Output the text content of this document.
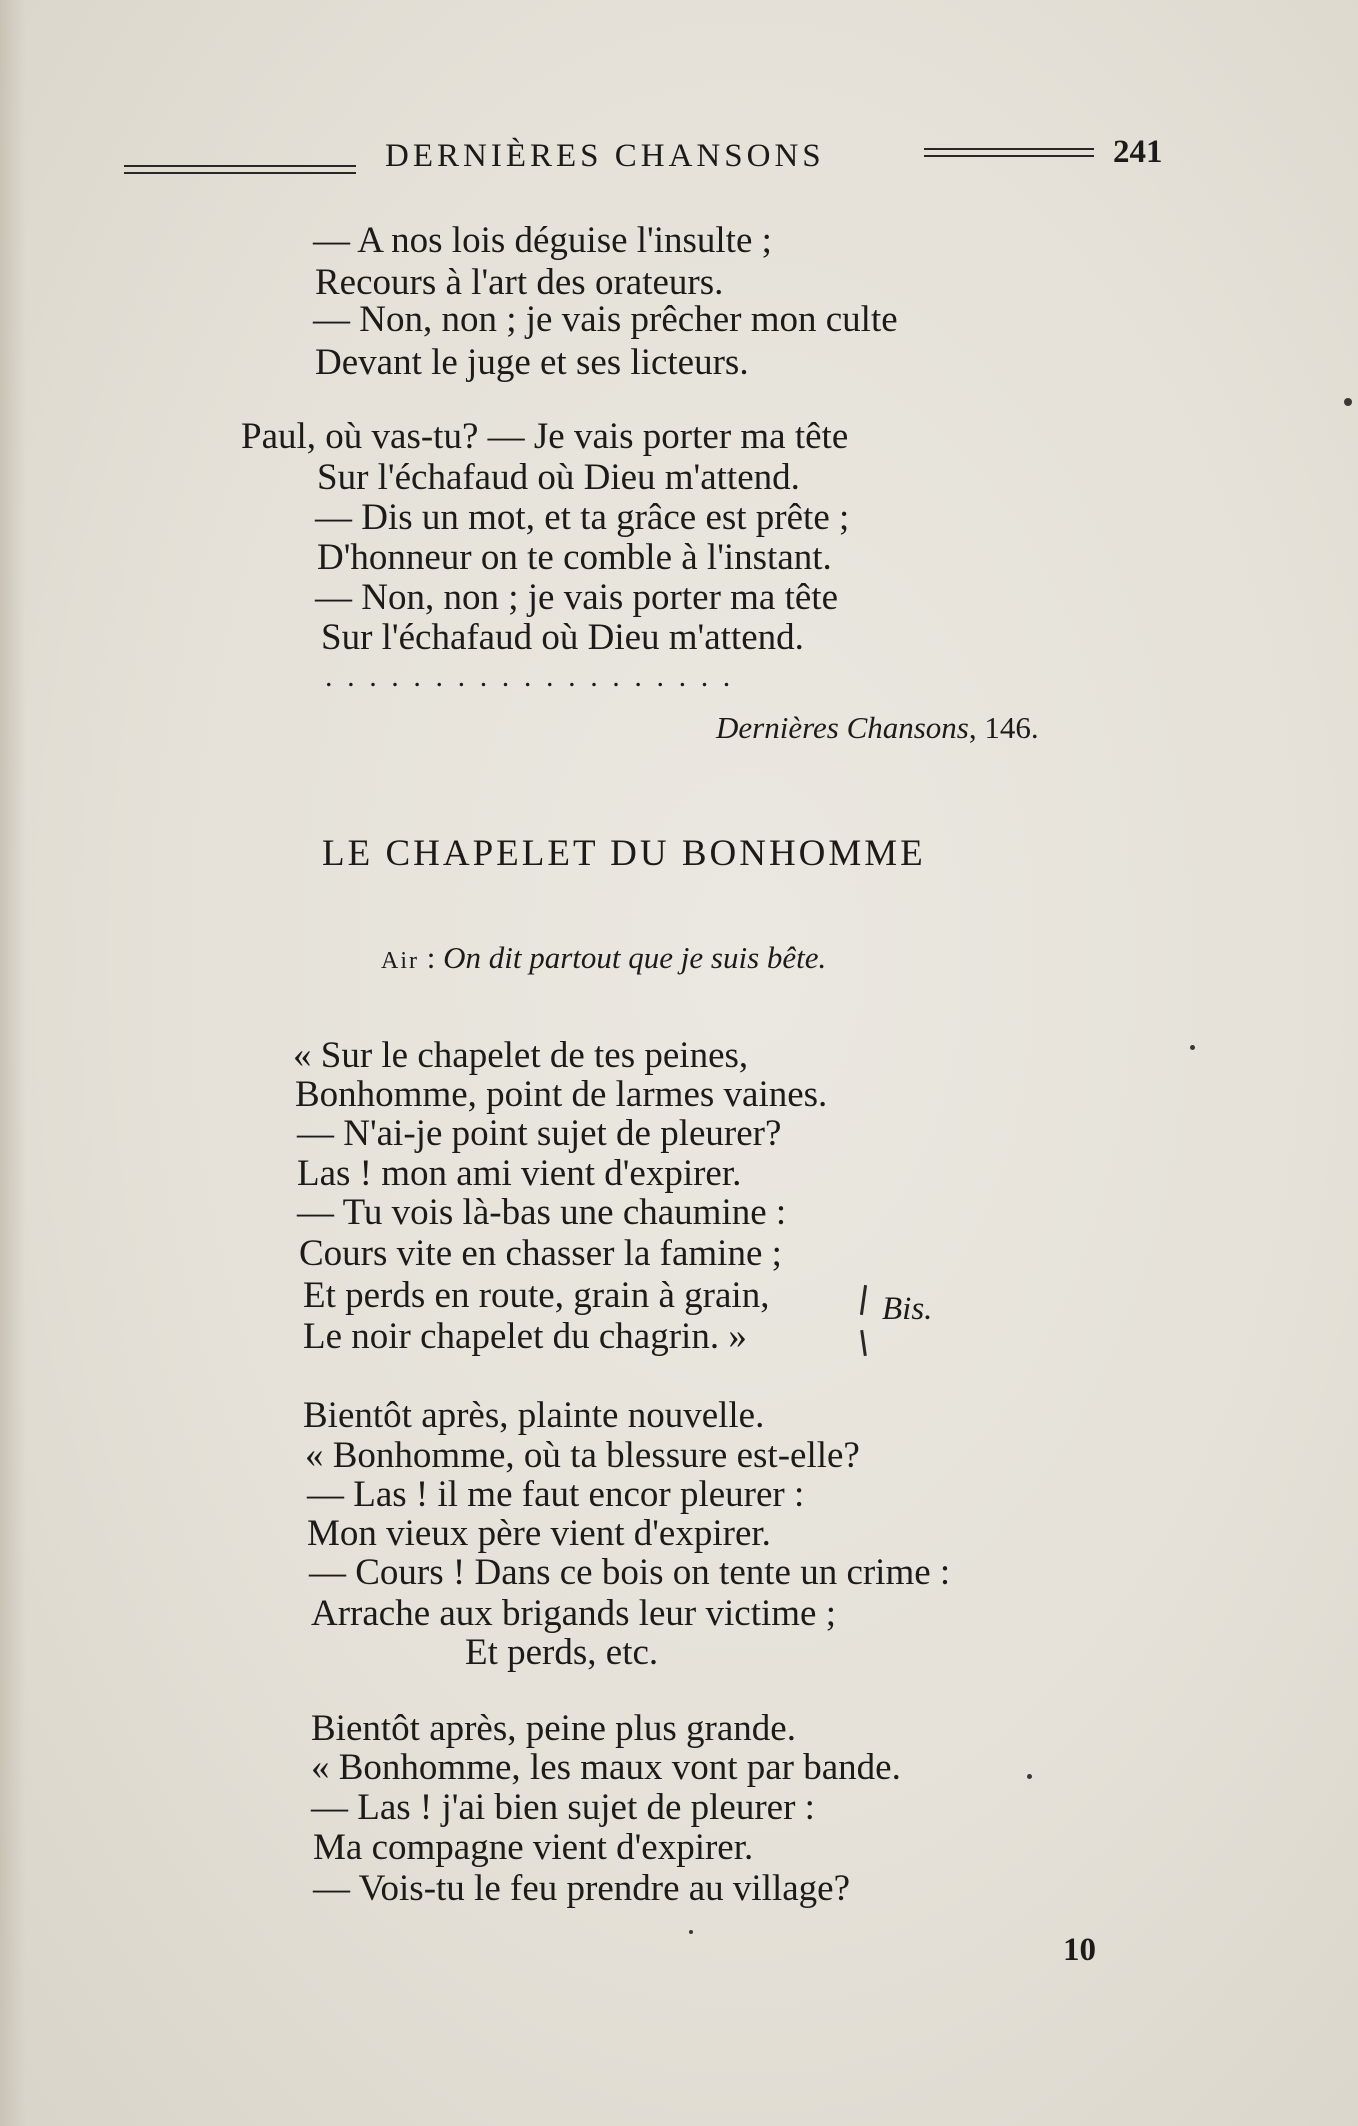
DERNIÈRES CHANSONS	241
— A nos lois déguise l'insulte ;
Recours à l'art des orateurs.
— Non, non ; je vais prêcher mon culte
Devant le juge et ses licteurs.
Paul, où vas-tu? — Je vais porter ma tête
Sur l'échafaud où Dieu m'attend.
— Dis un mot, et ta grâce est prête ;
D'honneur on te comble à l'instant.
— Non, non ; je vais porter ma tête
Sur l'échafaud où Dieu m'attend.
...................
Dernières Chansons, 146.
LE CHAPELET DU BONHOMME
Air : On dit partout que je suis bête.
« Sur le chapelet de tes peines,
Bonhomme, point de larmes vaines.
— N'ai-je point sujet de pleurer?
Las ! mon ami vient d'expirer.
— Tu vois là-bas une chaumine :
Cours vite en chasser la famine ;
Et perds en route, grain à grain,
Le noir chapelet du chagrin. »
Bis.
Bientôt après, plainte nouvelle.
« Bonhomme, où ta blessure est-elle?
— Las ! il me faut encor pleurer :
Mon vieux père vient d'expirer.
— Cours ! Dans ce bois on tente un crime :
Arrache aux brigands leur victime ;
Et perds, etc.
Bientôt après, peine plus grande.
« Bonhomme, les maux vont par bande.
— Las ! j'ai bien sujet de pleurer :
Ma compagne vient d'expirer.
— Vois-tu le feu prendre au village?
10
